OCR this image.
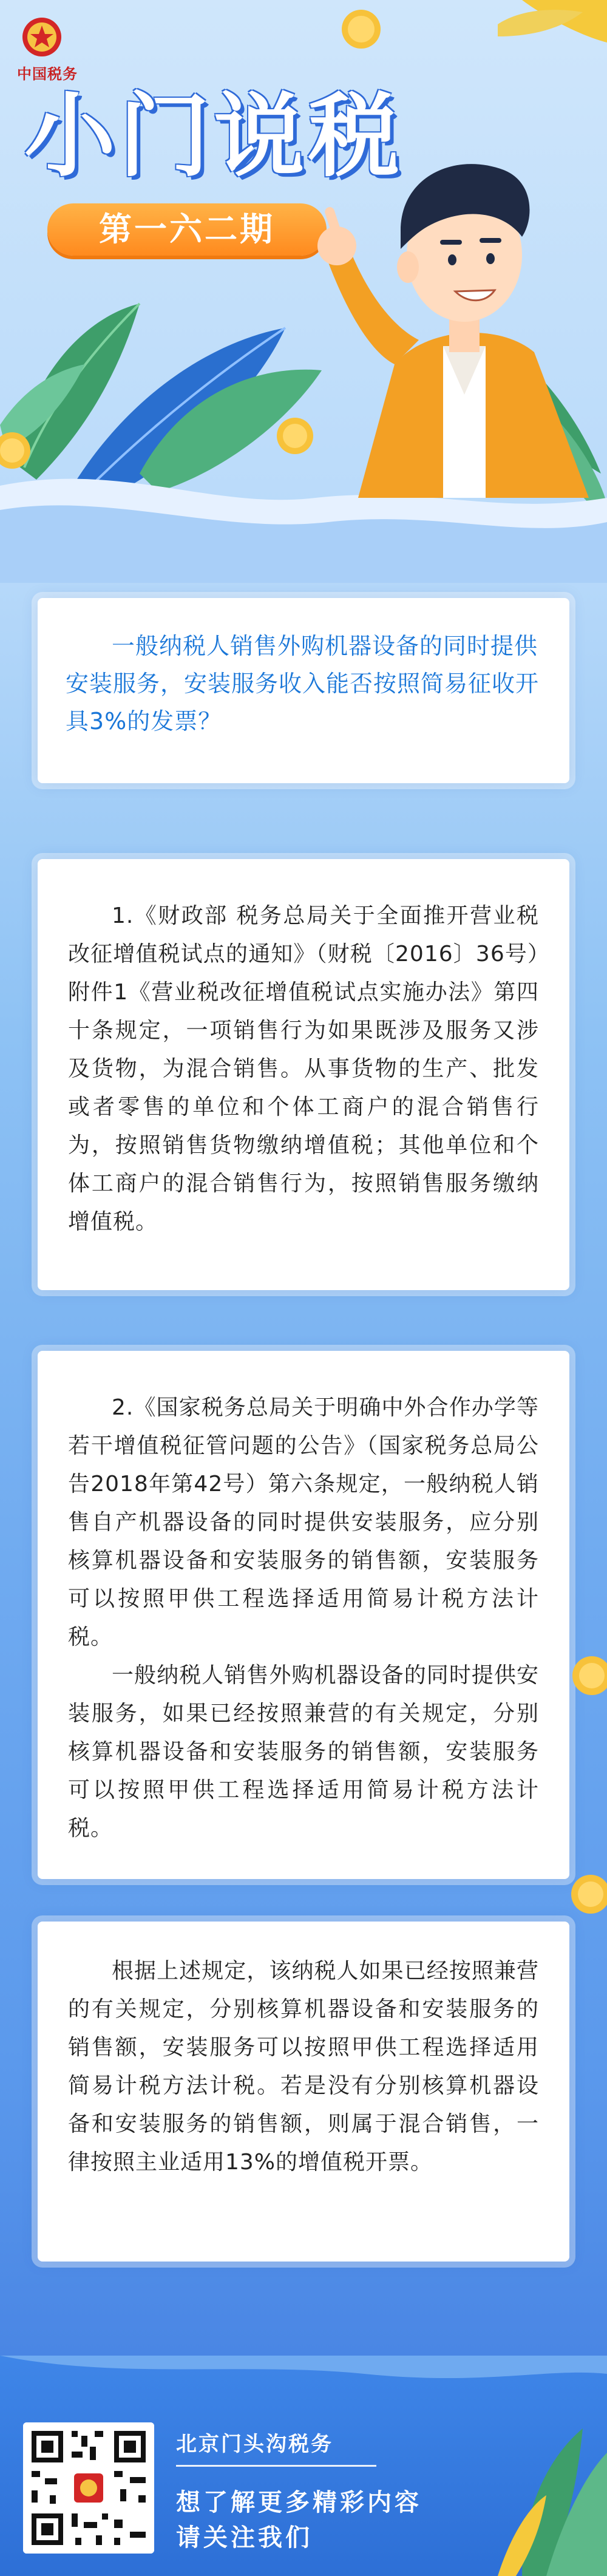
中国税务
小门说税
第一六二期

一般纳税人销售外购机器设备的同时提供安装服务，安装服务收入能否按照简易征收开具3%的发票？

1.《财政部 税务总局关于全面推开营业税改征增值税试点的通知》（财税〔2016〕36号）附件1《营业税改征增值税试点实施办法》第四十条规定，一项销售行为如果既涉及服务又涉及货物，为混合销售。从事货物的生产、批发或者零售的单位和个体工商户的混合销售行为，按照销售货物缴纳增值税；其他单位和个体工商户的混合销售行为，按照销售服务缴纳增值税。

2.《国家税务总局关于明确中外合作办学等若干增值税征管问题的公告》（国家税务总局公告2018年第42号）第六条规定，一般纳税人销售自产机器设备的同时提供安装服务，应分别核算机器设备和安装服务的销售额，安装服务可以按照甲供工程选择适用简易计税方法计税。

一般纳税人销售外购机器设备的同时提供安装服务，如果已经按照兼营的有关规定，分别核算机器设备和安装服务的销售额，安装服务可以按照甲供工程选择适用简易计税方法计税。

根据上述规定，该纳税人如果已经按照兼营的有关规定，分别核算机器设备和安装服务的销售额，安装服务可以按照甲供工程选择适用简易计税方法计税。若是没有分别核算机器设备和安装服务的销售额，则属于混合销售，一律按照主业适用13%的增值税开票。

北京门头沟税务
想了解更多精彩内容
请关注我们
